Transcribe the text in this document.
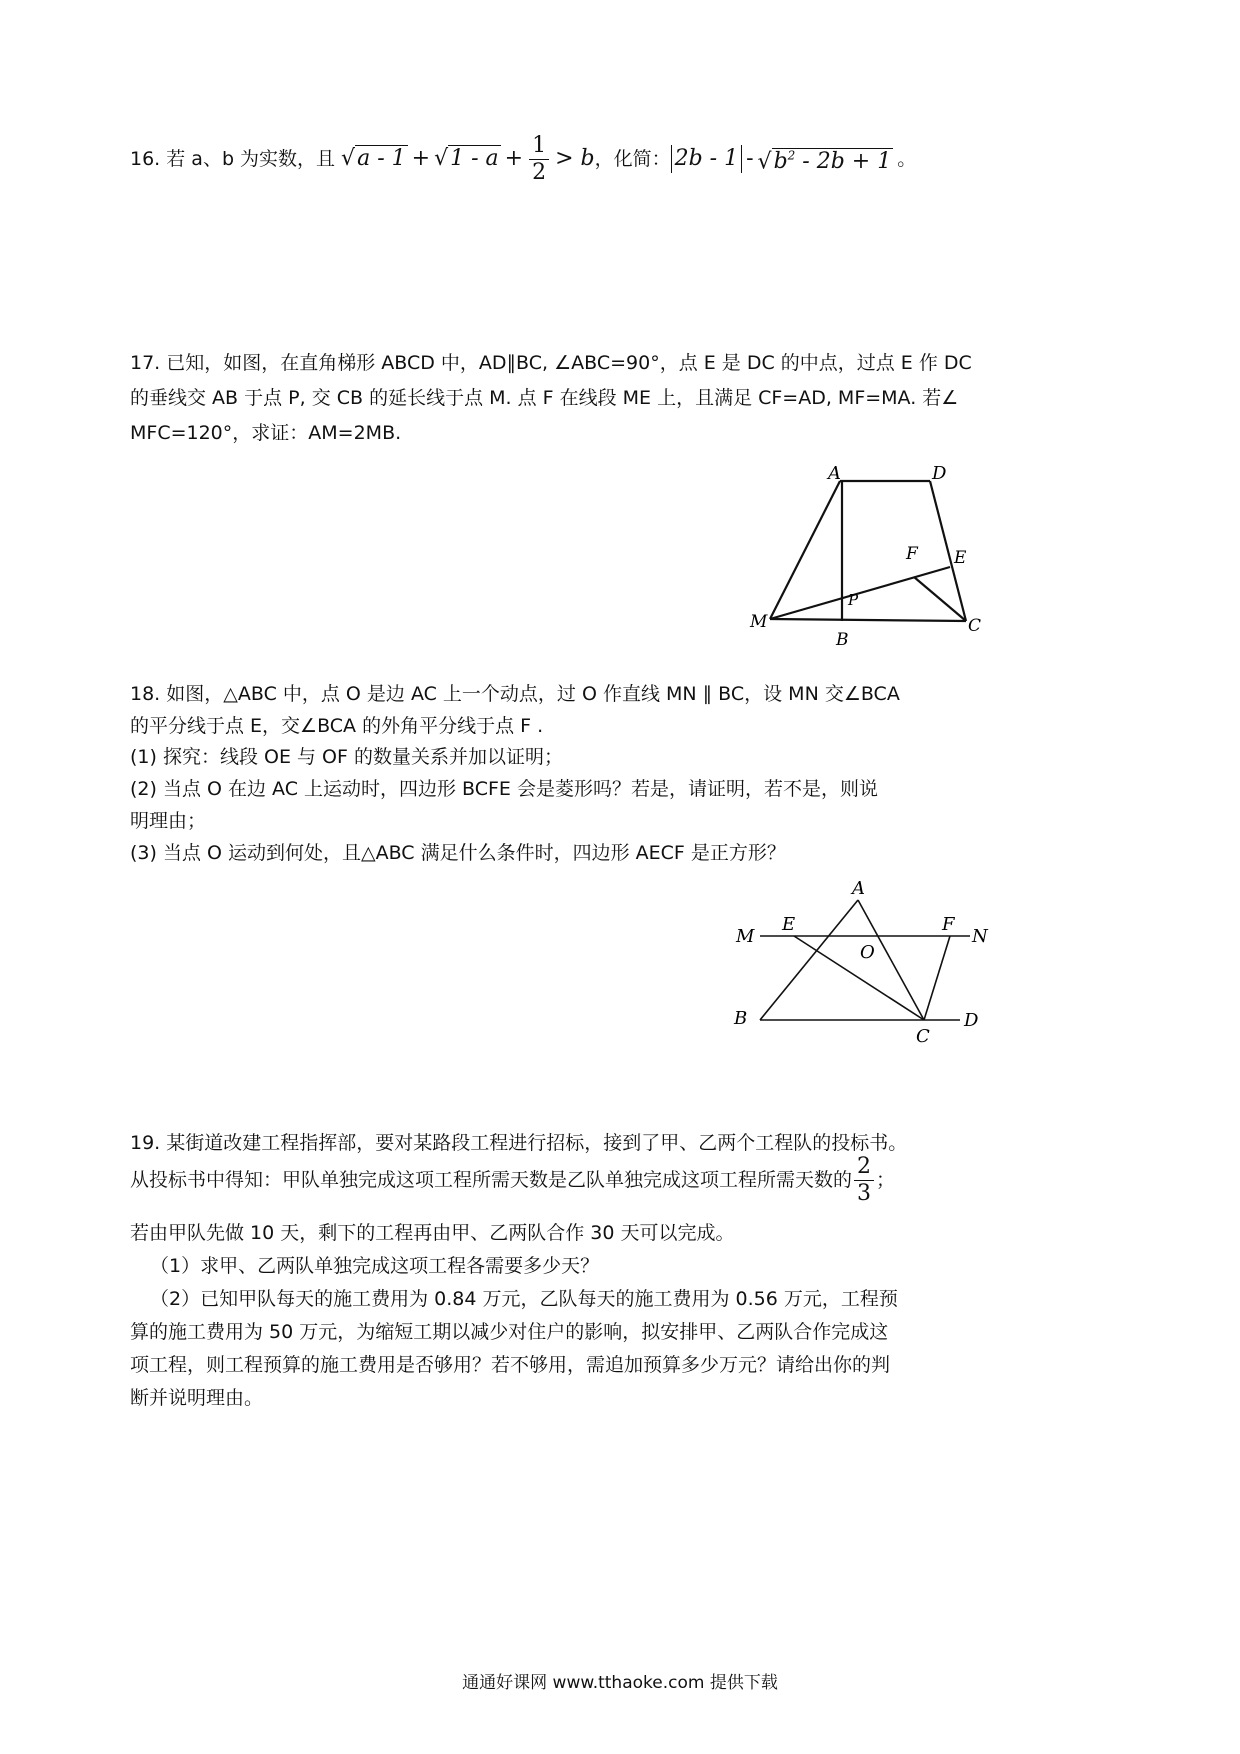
16. 若 a、b 为实数，且 $√a - 1 + √1 - a + \frac{1}{2} > b$ ，化简： $2b - 1 - √b^2 - 2b + 1$ 。
17. 已知，如图，在直角梯形 ABCD 中，AD∥BC, ∠ABC=90°，点 E 是 DC 的中点，过点 E 作 DC
的垂线交 AB 于点 P, 交 CB 的延长线于点 M. 点 F 在线段 ME 上，且满足 CF=AD, MF=MA. 若∠
MFC=120°，求证：AM=2MB.
A	D
E
F
P
M
B
C
18. 如图，△ABC 中，点 O 是边 AC 上一个动点，过 O 作直线 MN ∥ BC，设 MN 交∠BCA
的平分线于点 E，交∠BCA 的外角平分线于点 F .
(1) 探究：线段 OE 与 OF 的数量关系并加以证明；
(2) 当点 O 在边 AC 上运动时，四边形 BCFE 会是菱形吗？若是，请证明，若不是，则说
明理由；
(3) 当点 O 运动到何处，且△ABC 满足什么条件时，四边形 AECF 是正方形？
A
M
E
O
F
N
B
C
D
19. 某街道改建工程指挥部，要对某路段工程进行招标，接到了甲、乙两个工程队的投标书。
从投标书中得知：甲队单独完成这项工程所需天数是乙队单独完成这项工程所需天数的 $\frac{2}{3}$ ；
若由甲队先做 10 天，剩下的工程再由甲、乙两队合作 30 天可以完成。
（1）求甲、乙两队单独完成这项工程各需要多少天？
（2）已知甲队每天的施工费用为 0.84 万元，乙队每天的施工费用为 0.56 万元，工程预
算的施工费用为 50 万元，为缩短工期以减少对住户的影响，拟安排甲、乙两队合作完成这
项工程，则工程预算的施工费用是否够用？若不够用，需追加预算多少万元？请给出你的判
断并说明理由。
通通好课网 www.tthaoke.com 提供下载
